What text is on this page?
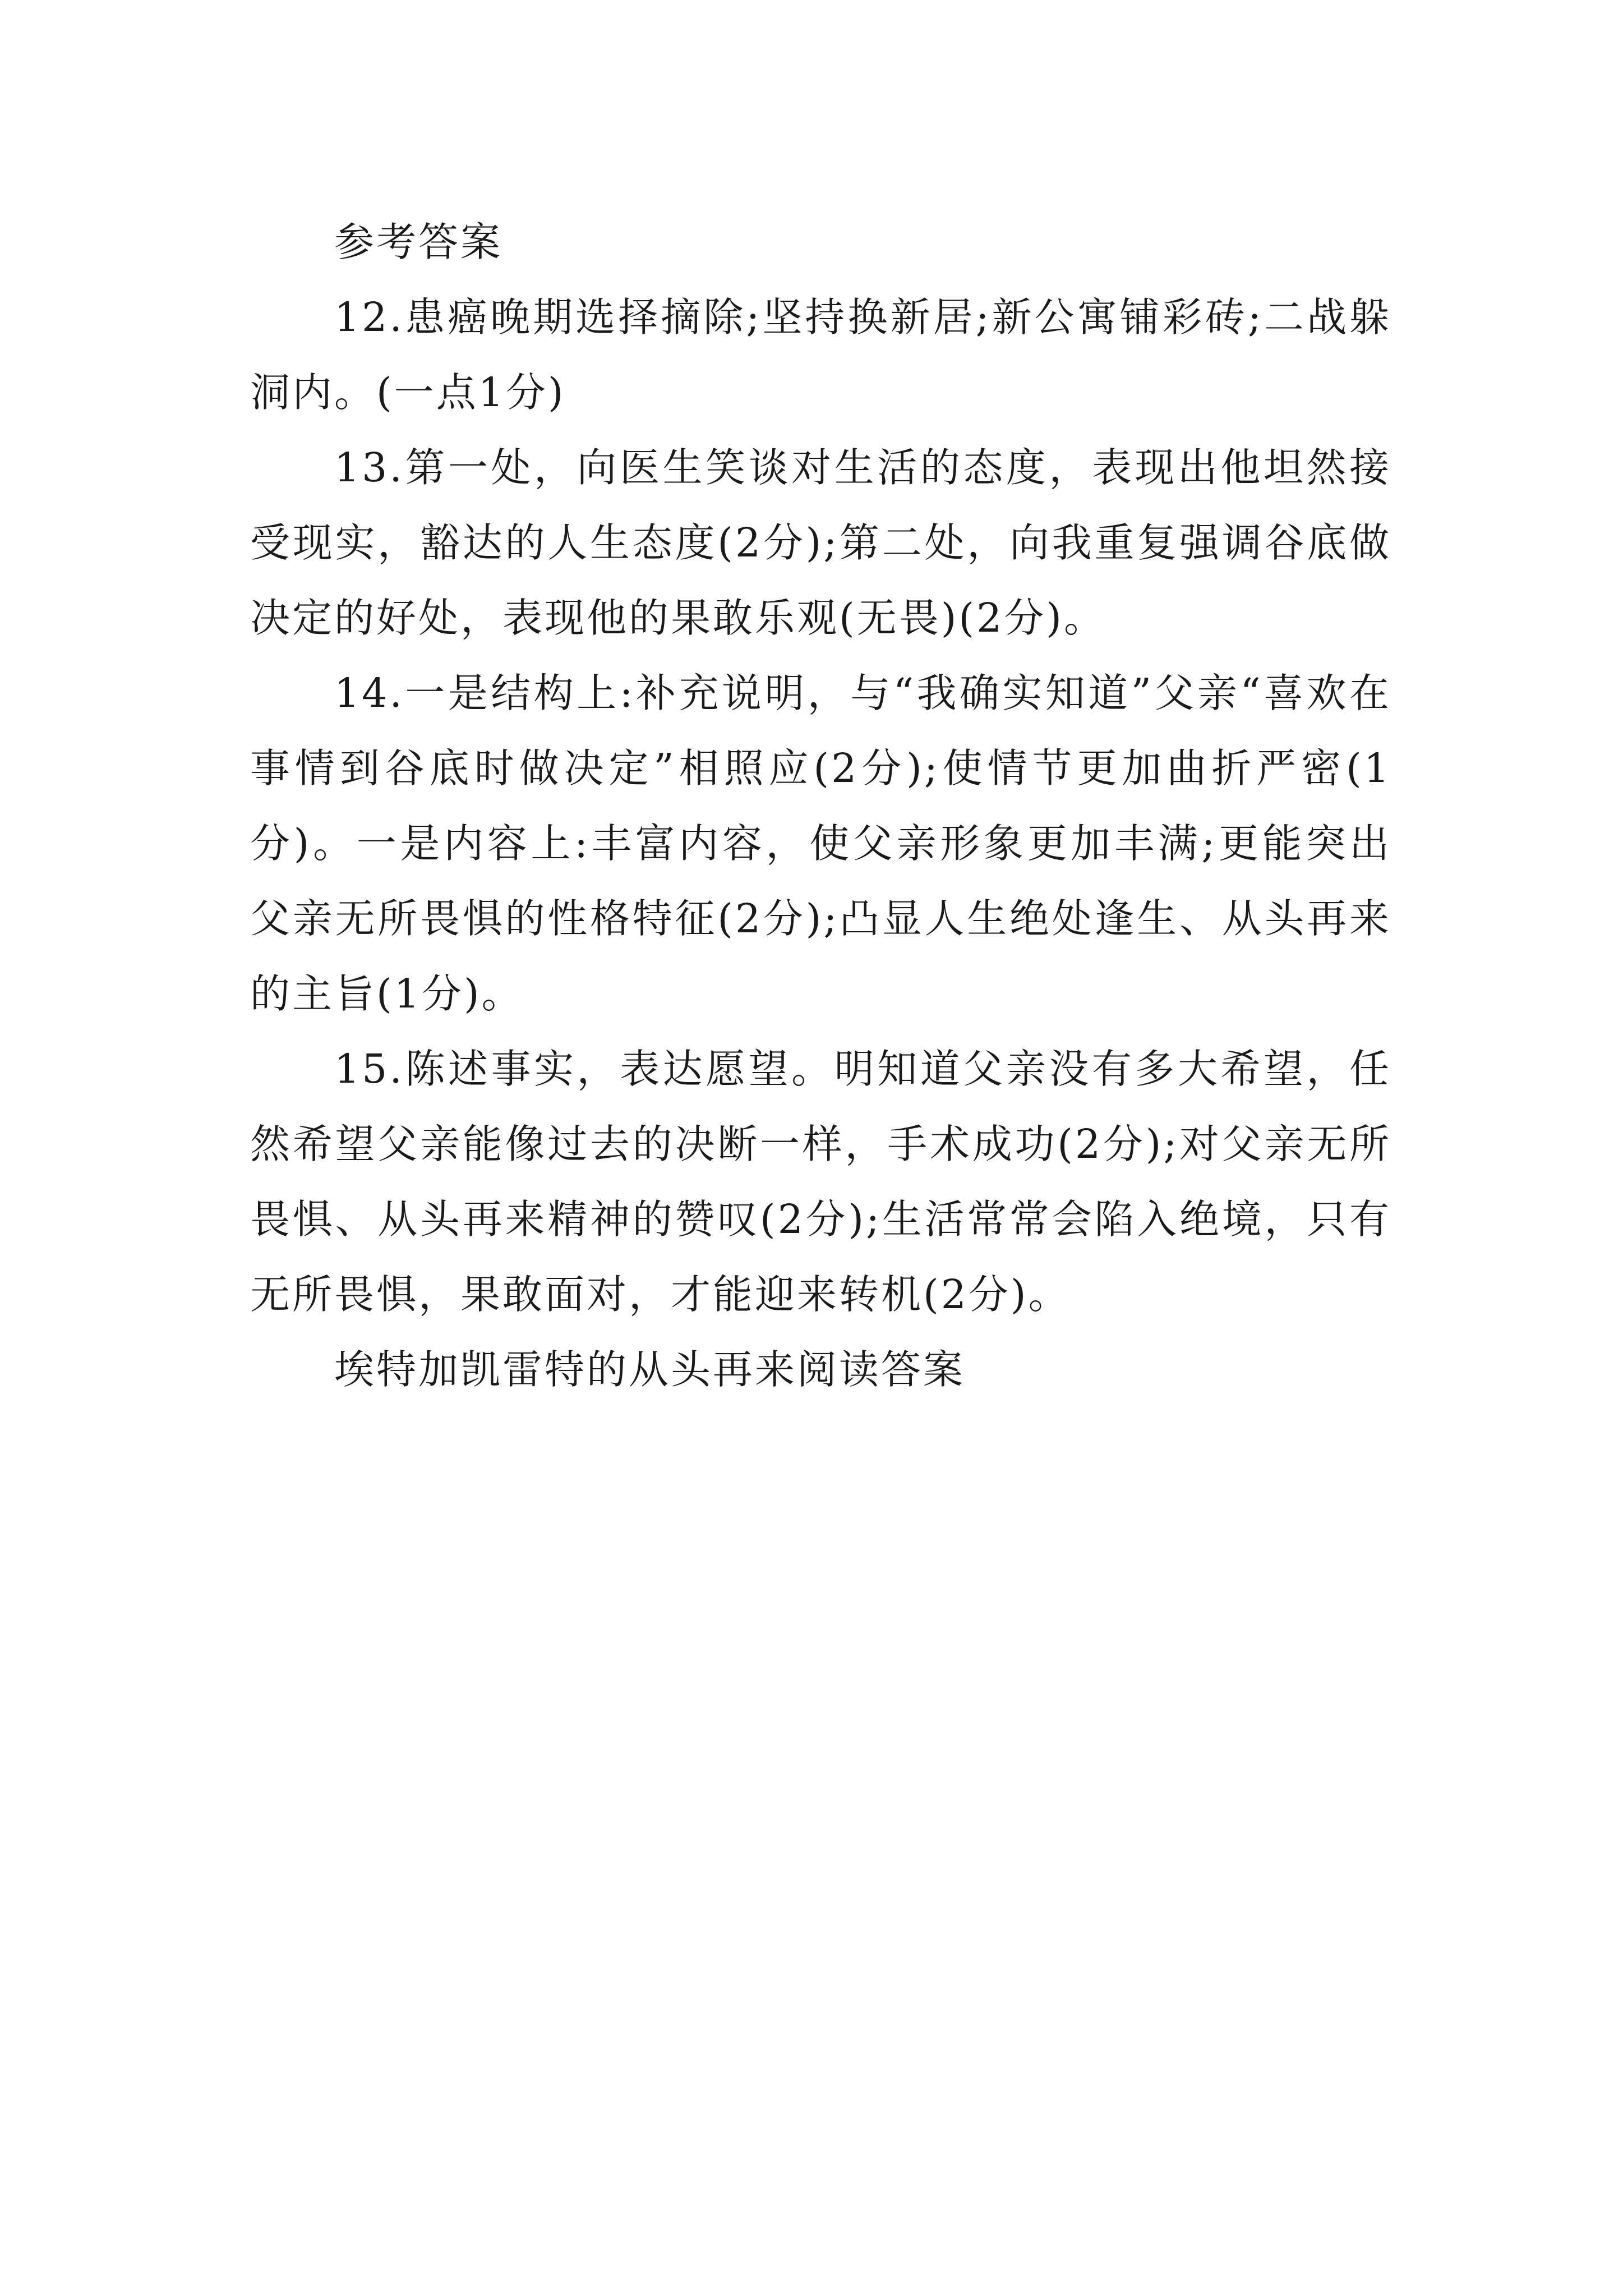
参考答案

12.患癌晚期选择摘除;坚持换新居;新公寓铺彩砖;二战躲洞内。(一点1分)

13.第一处，向医生笑谈对生活的态度，表现出他坦然接受现实，豁达的人生态度(2分);第二处，向我重复强调谷底做决定的好处，表现他的果敢乐观(无畏)(2分)。

14.一是结构上:补充说明，与“我确实知道”父亲“喜欢在事情到谷底时做决定”相照应(2分);使情节更加曲折严密(1分)。一是内容上:丰富内容，使父亲形象更加丰满;更能突出父亲无所畏惧的性格特征(2分);凸显人生绝处逢生、从头再来的主旨(1分)。

15.陈述事实，表达愿望。明知道父亲没有多大希望，任然希望父亲能像过去的决断一样，手术成功(2分);对父亲无所畏惧、从头再来精神的赞叹(2分);生活常常会陷入绝境，只有无所畏惧，果敢面对，才能迎来转机(2分)。

埃特加凯雷特的从头再来阅读答案
